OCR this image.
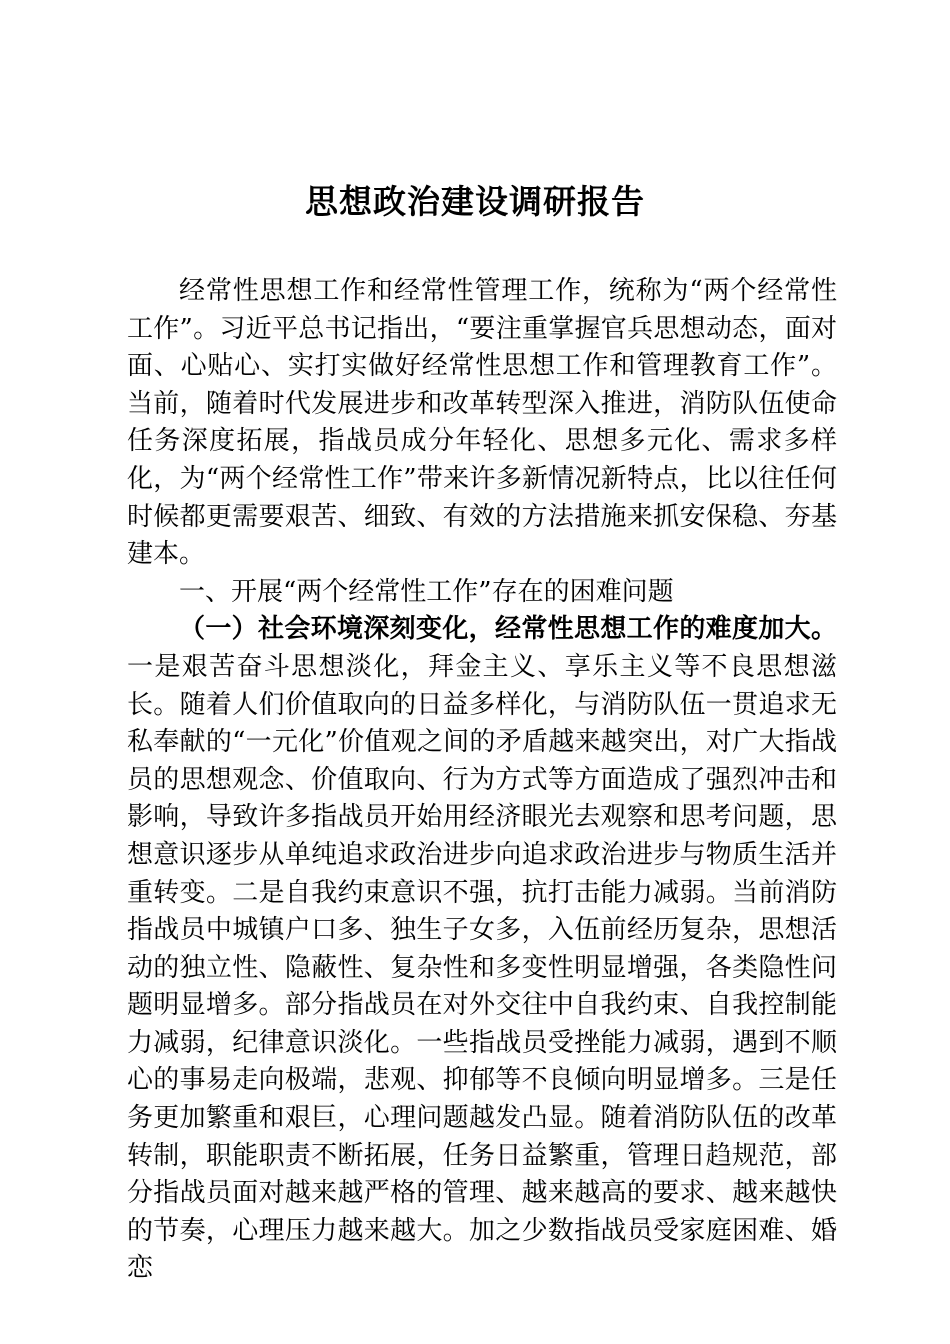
思想政治建设调研报告

经常性思想工作和经常性管理工作，统称为“两个经常性工作”。习近平总书记指出，“要注重掌握官兵思想动态，面对面、心贴心、实打实做好经常性思想工作和管理教育工作”。当前，随着时代发展进步和改革转型深入推进，消防队伍使命任务深度拓展，指战员成分年轻化、思想多元化、需求多样化，为“两个经常性工作”带来许多新情况新特点，比以往任何时候都更需要艰苦、细致、有效的方法措施来抓安保稳、夯基建本。

一、开展“两个经常性工作”存在的困难问题

（一）社会环境深刻变化，经常性思想工作的难度加大。一是艰苦奋斗思想淡化，拜金主义、享乐主义等不良思想滋长。随着人们价值取向的日益多样化，与消防队伍一贯追求无私奉献的“一元化”价值观之间的矛盾越来越突出，对广大指战员的思想观念、价值取向、行为方式等方面造成了强烈冲击和影响，导致许多指战员开始用经济眼光去观察和思考问题，思想意识逐步从单纯追求政治进步向追求政治进步与物质生活并重转变。二是自我约束意识不强，抗打击能力减弱。当前消防指战员中城镇户口多、独生子女多，入伍前经历复杂，思想活动的独立性、隐蔽性、复杂性和多变性明显增强，各类隐性问题明显增多。部分指战员在对外交往中自我约束、自我控制能力减弱，纪律意识淡化。一些指战员受挫能力减弱，遇到不顺心的事易走向极端，悲观、抑郁等不良倾向明显增多。三是任务更加繁重和艰巨，心理问题越发凸显。随着消防队伍的改革转制，职能职责不断拓展，任务日益繁重，管理日趋规范，部分指战员面对越来越严格的管理、越来越高的要求、越来越快的节奏，心理压力越来越大。加之少数指战员受家庭困难、婚恋
